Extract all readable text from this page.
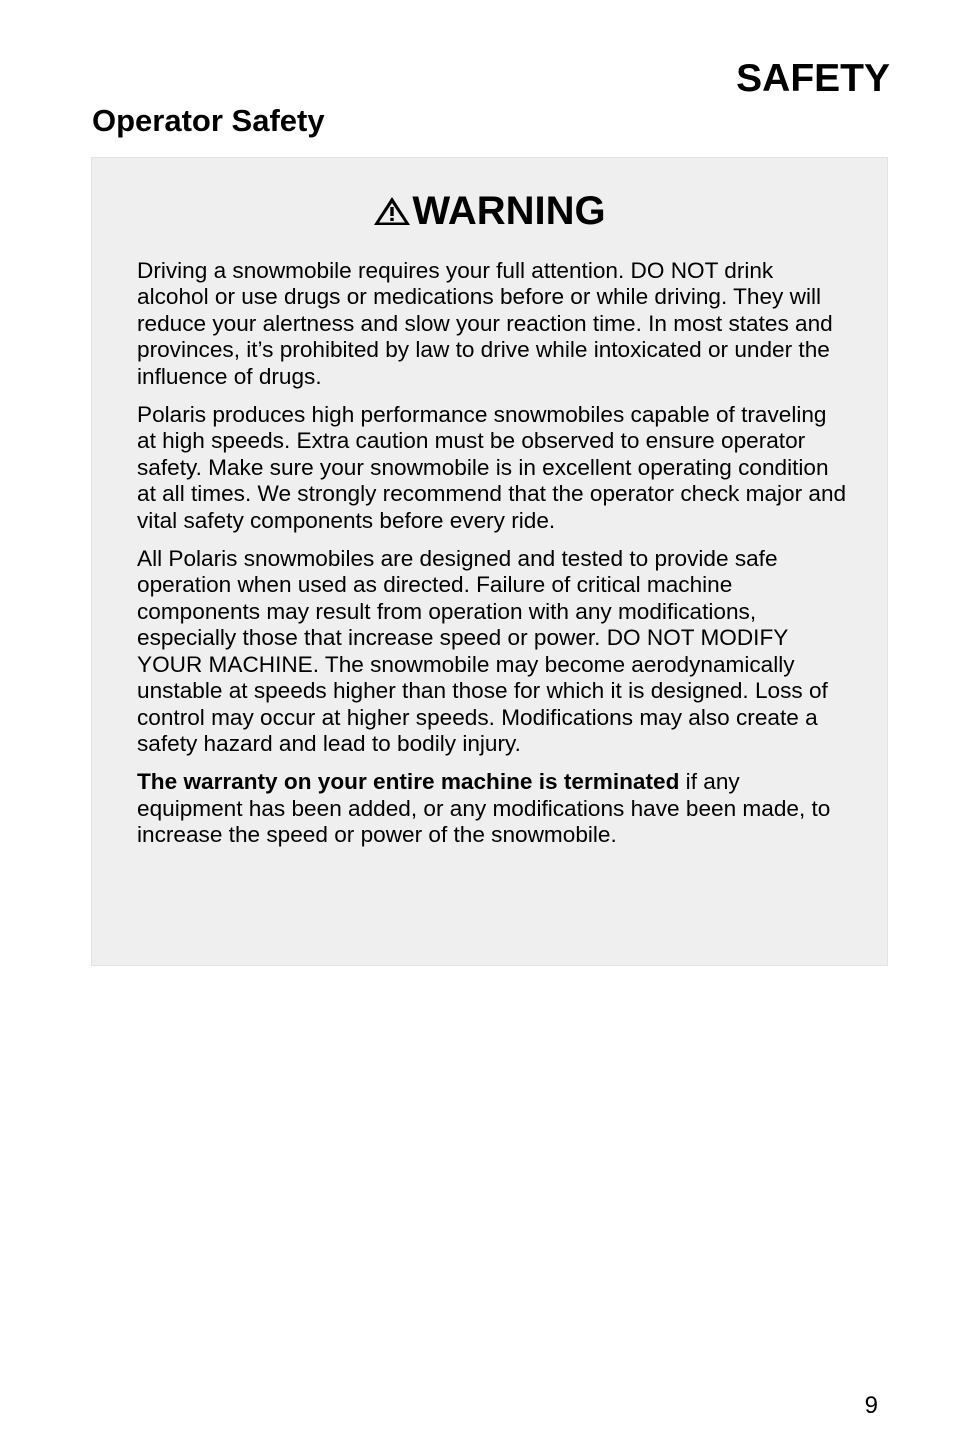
SAFETY
Operator Safety
WARNING

Driving a snowmobile requires your full attention. DO NOT drink alcohol or use drugs or medications before or while driving. They will reduce your alertness and slow your reaction time. In most states and provinces, it’s prohibited by law to drive while intoxicated or under the influence of drugs.

Polaris produces high performance snowmobiles capable of traveling at high speeds. Extra caution must be observed to ensure operator safety. Make sure your snowmobile is in excellent operating condition at all times. We strongly recommend that the operator check major and vital safety components before every ride.

All Polaris snowmobiles are designed and tested to provide safe operation when used as directed. Failure of critical machine components may result from operation with any modifications, especially those that increase speed or power. DO NOT MODIFY YOUR MACHINE. The snowmobile may become aerodynamically unstable at speeds higher than those for which it is designed. Loss of control may occur at higher speeds. Modifications may also create a safety hazard and lead to bodily injury.

The warranty on your entire machine is terminated if any equipment has been added, or any modifications have been made, to increase the speed or power of the snowmobile.

9
